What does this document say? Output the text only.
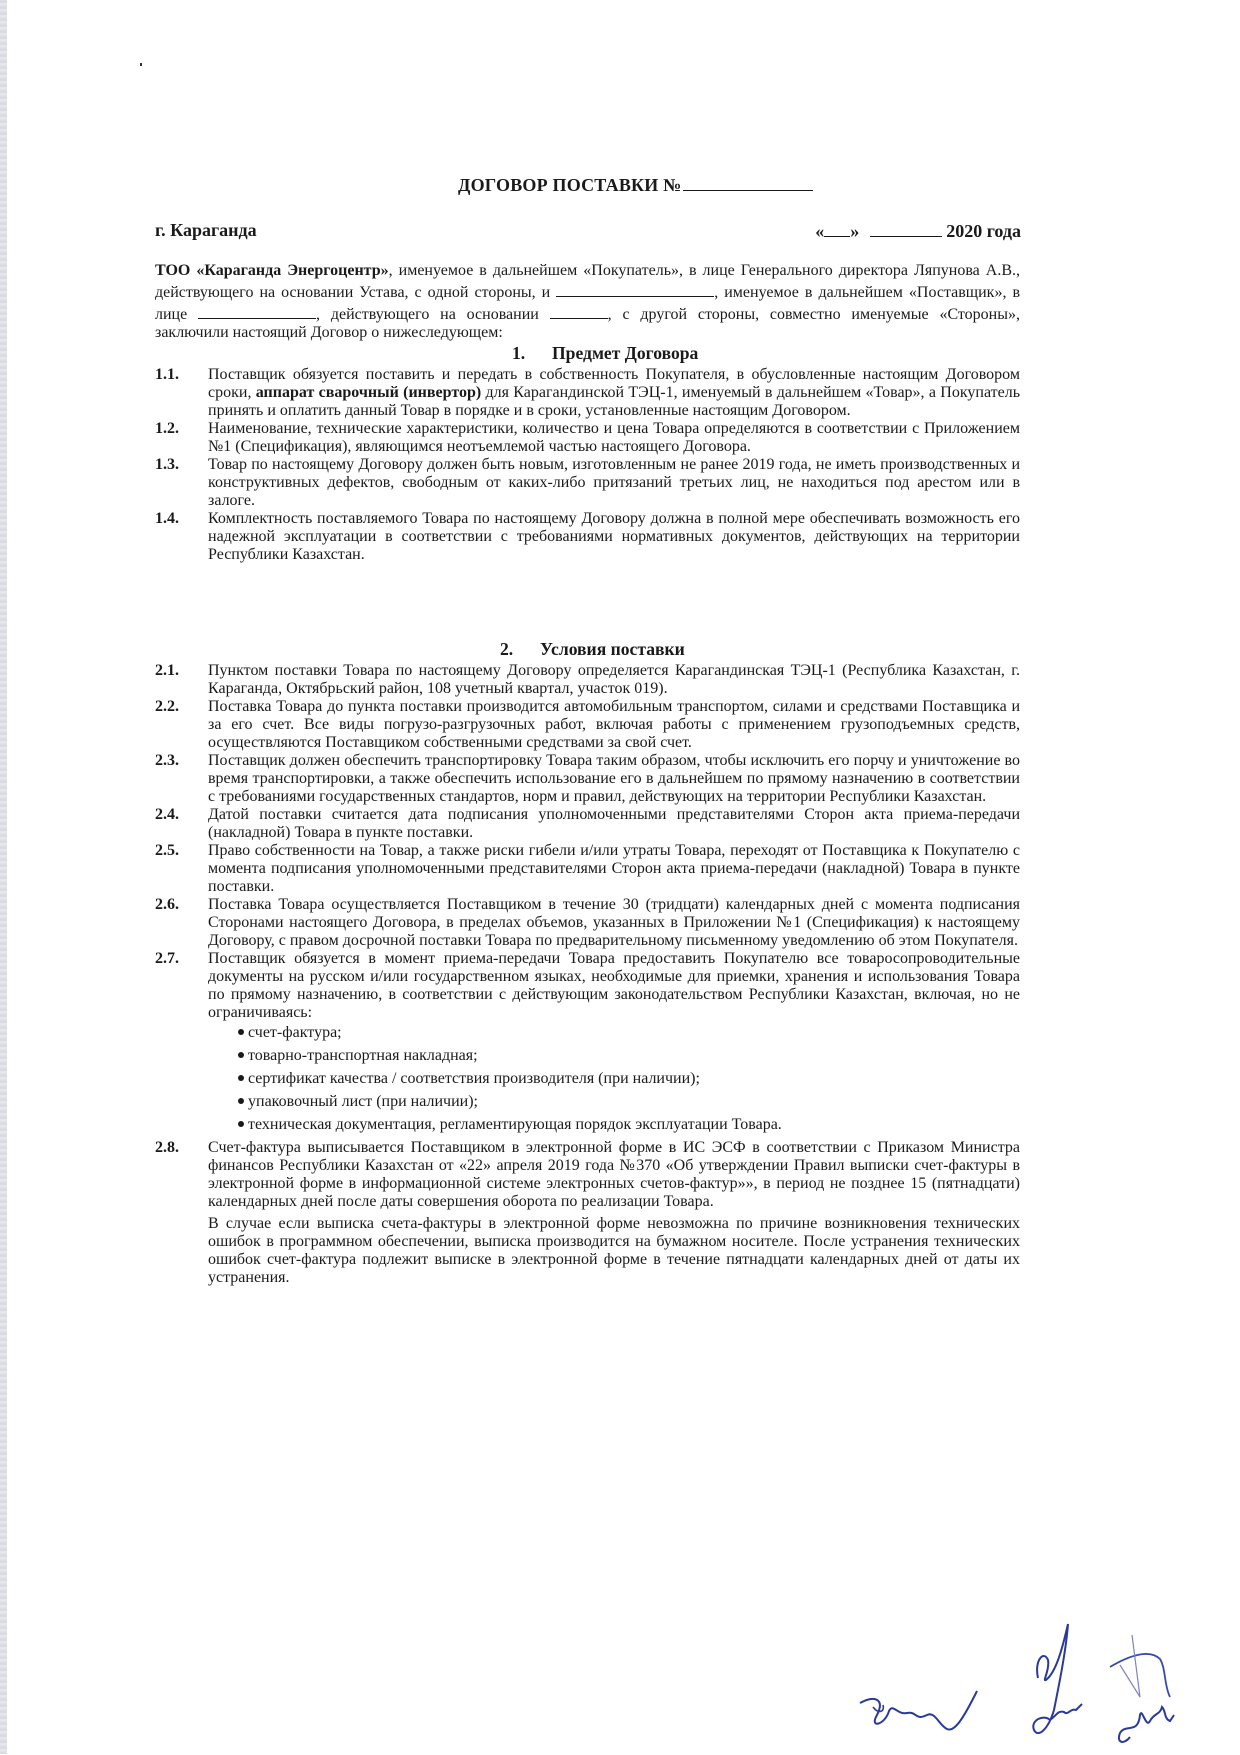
ДОГОВОР ПОСТАВКИ №
г. Караганда	« »	2020 года
ТОО «Караганда Энергоцентр», именуемое в дальнейшем «Покупатель», в лице Генерального директора Ляпунова А.В., действующего на основании Устава, с одной стороны, и	, именуемое в дальнейшем «Поставщик», в лице	, действующего на основании	, с другой стороны, совместно именуемые «Стороны», заключили настоящий Договор о нижеследующем:
1. Предмет Договора
1.1.	Поставщик обязуется поставить и передать в собственность Покупателя, в обусловленные настоящим Договором сроки, аппарат сварочный (инвертор) для Карагандинской ТЭЦ-1, именуемый в дальнейшем «Товар», а Покупатель принять и оплатить данный Товар в порядке и в сроки, установленные настоящим Договором.
1.2.	Наименование, технические характеристики, количество и цена Товара определяются в соответствии с Приложением №1 (Спецификация), являющимся неотъемлемой частью настоящего Договора.
1.3.	Товар по настоящему Договору должен быть новым, изготовленным не ранее 2019 года, не иметь производственных и конструктивных дефектов, свободным от каких-либо притязаний третьих лиц, не находиться под арестом или в залоге.
1.4.	Комплектность поставляемого Товара по настоящему Договору должна в полной мере обеспечивать возможность его надежной эксплуатации в соответствии с требованиями нормативных документов, действующих на территории Республики Казахстан.
2. Условия поставки
2.1.	Пунктом поставки Товара по настоящему Договору определяется Карагандинская ТЭЦ-1 (Республика Казахстан, г. Караганда, Октябрьский район, 108 учетный квартал, участок 019).
2.2.	Поставка Товара до пункта поставки производится автомобильным транспортом, силами и средствами Поставщика и за его счет. Все виды погрузо-разгрузочных работ, включая работы с применением грузоподъемных средств, осуществляются Поставщиком собственными средствами за свой счет.
2.3.	Поставщик должен обеспечить транспортировку Товара таким образом, чтобы исключить его порчу и уничтожение во время транспортировки, а также обеспечить использование его в дальнейшем по прямому назначению в соответствии с требованиями государственных стандартов, норм и правил, действующих на территории Республики Казахстан.
2.4.	Датой поставки считается дата подписания уполномоченными представителями Сторон акта приема-передачи (накладной) Товара в пункте поставки.
2.5.	Право собственности на Товар, а также риски гибели и/или утраты Товара, переходят от Поставщика к Покупателю с момента подписания уполномоченными представителями Сторон акта приема-передачи (накладной) Товара в пункте поставки.
2.6.	Поставка Товара осуществляется Поставщиком в течение 30 (тридцати) календарных дней с момента подписания Сторонами настоящего Договора, в пределах объемов, указанных в Приложении №1 (Спецификация) к настоящему Договору, с правом досрочной поставки Товара по предварительному письменному уведомлению об этом Покупателя.
2.7.	Поставщик обязуется в момент приема-передачи Товара предоставить Покупателю все товаросопроводительные документы на русском и/или государственном языках, необходимые для приемки, хранения и использования Товара по прямому назначению, в соответствии с действующим законодательством Республики Казахстан, включая, но не ограничиваясь:
счет-фактура;
товарно-транспортная накладная;
сертификат качества / соответствия производителя (при наличии);
упаковочный лист (при наличии);
техническая документация, регламентирующая порядок эксплуатации Товара.
2.8.	Счет-фактура выписывается Поставщиком в электронной форме в ИС ЭСФ в соответствии с Приказом Министра финансов Республики Казахстан от «22» апреля 2019 года №370 «Об утверждении Правил выписки счет-фактуры в электронной форме в информационной системе электронных счетов-фактур»», в период не позднее 15 (пятнадцати) календарных дней после даты совершения оборота по реализации Товара.
В случае если выписка счета-фактуры в электронной форме невозможна по причине возникновения технических ошибок в программном обеспечении, выписка производится на бумажном носителе. После устранения технических ошибок счет-фактура подлежит выписке в электронной форме в течение пятнадцати календарных дней от даты их устранения.
